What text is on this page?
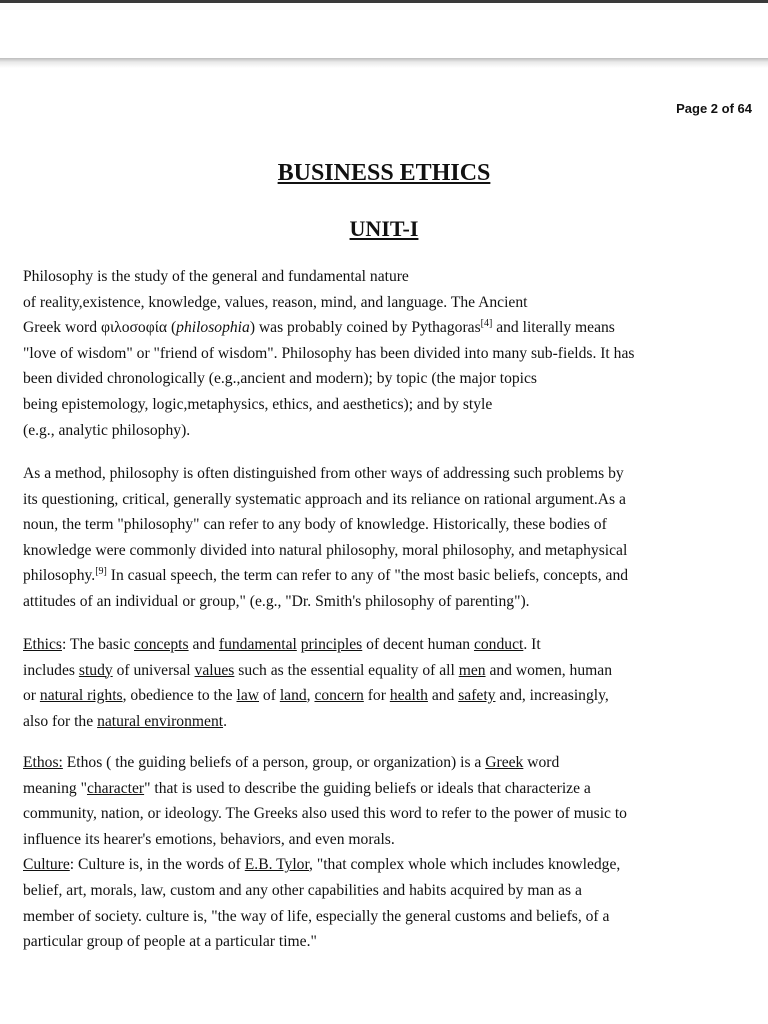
Page 2 of 64
BUSINESS ETHICS
UNIT-I
Philosophy is the study of the general and fundamental nature
of reality,existence, knowledge, values, reason, mind, and language. The Ancient
Greek word φιλοσοφία (philosophia) was probably coined by Pythagoras[4] and literally means
"love of wisdom" or "friend of wisdom". Philosophy has been divided into many sub-fields. It has
been divided chronologically (e.g.,ancient and modern); by topic (the major topics
being epistemology, logic,metaphysics, ethics, and aesthetics); and by style
(e.g., analytic philosophy).
As a method, philosophy is often distinguished from other ways of addressing such problems by
its questioning, critical, generally systematic approach and its reliance on rational argument.As a
noun, the term "philosophy" can refer to any body of knowledge. Historically, these bodies of
knowledge were commonly divided into natural philosophy, moral philosophy, and metaphysical
philosophy.[9] In casual speech, the term can refer to any of "the most basic beliefs, concepts, and
attitudes of an individual or group," (e.g., "Dr. Smith's philosophy of parenting").
Ethics: The basic concepts and fundamental principles of decent human conduct. It
includes study of universal values such as the essential equality of all men and women, human
or natural rights, obedience to the law of land, concern for health and safety and, increasingly,
also for the natural environment.
Ethos: Ethos ( the guiding beliefs of a person, group, or organization) is a Greek word
meaning "character" that is used to describe the guiding beliefs or ideals that characterize a
community, nation, or ideology. The Greeks also used this word to refer to the power of music to
influence its hearer's emotions, behaviors, and even morals.
Culture: Culture is, in the words of E.B. Tylor, "that complex whole which includes knowledge,
belief, art, morals, law, custom and any other capabilities and habits acquired by man as a
member of society. culture is, "the way of life, especially the general customs and beliefs, of a
particular group of people at a particular time."
